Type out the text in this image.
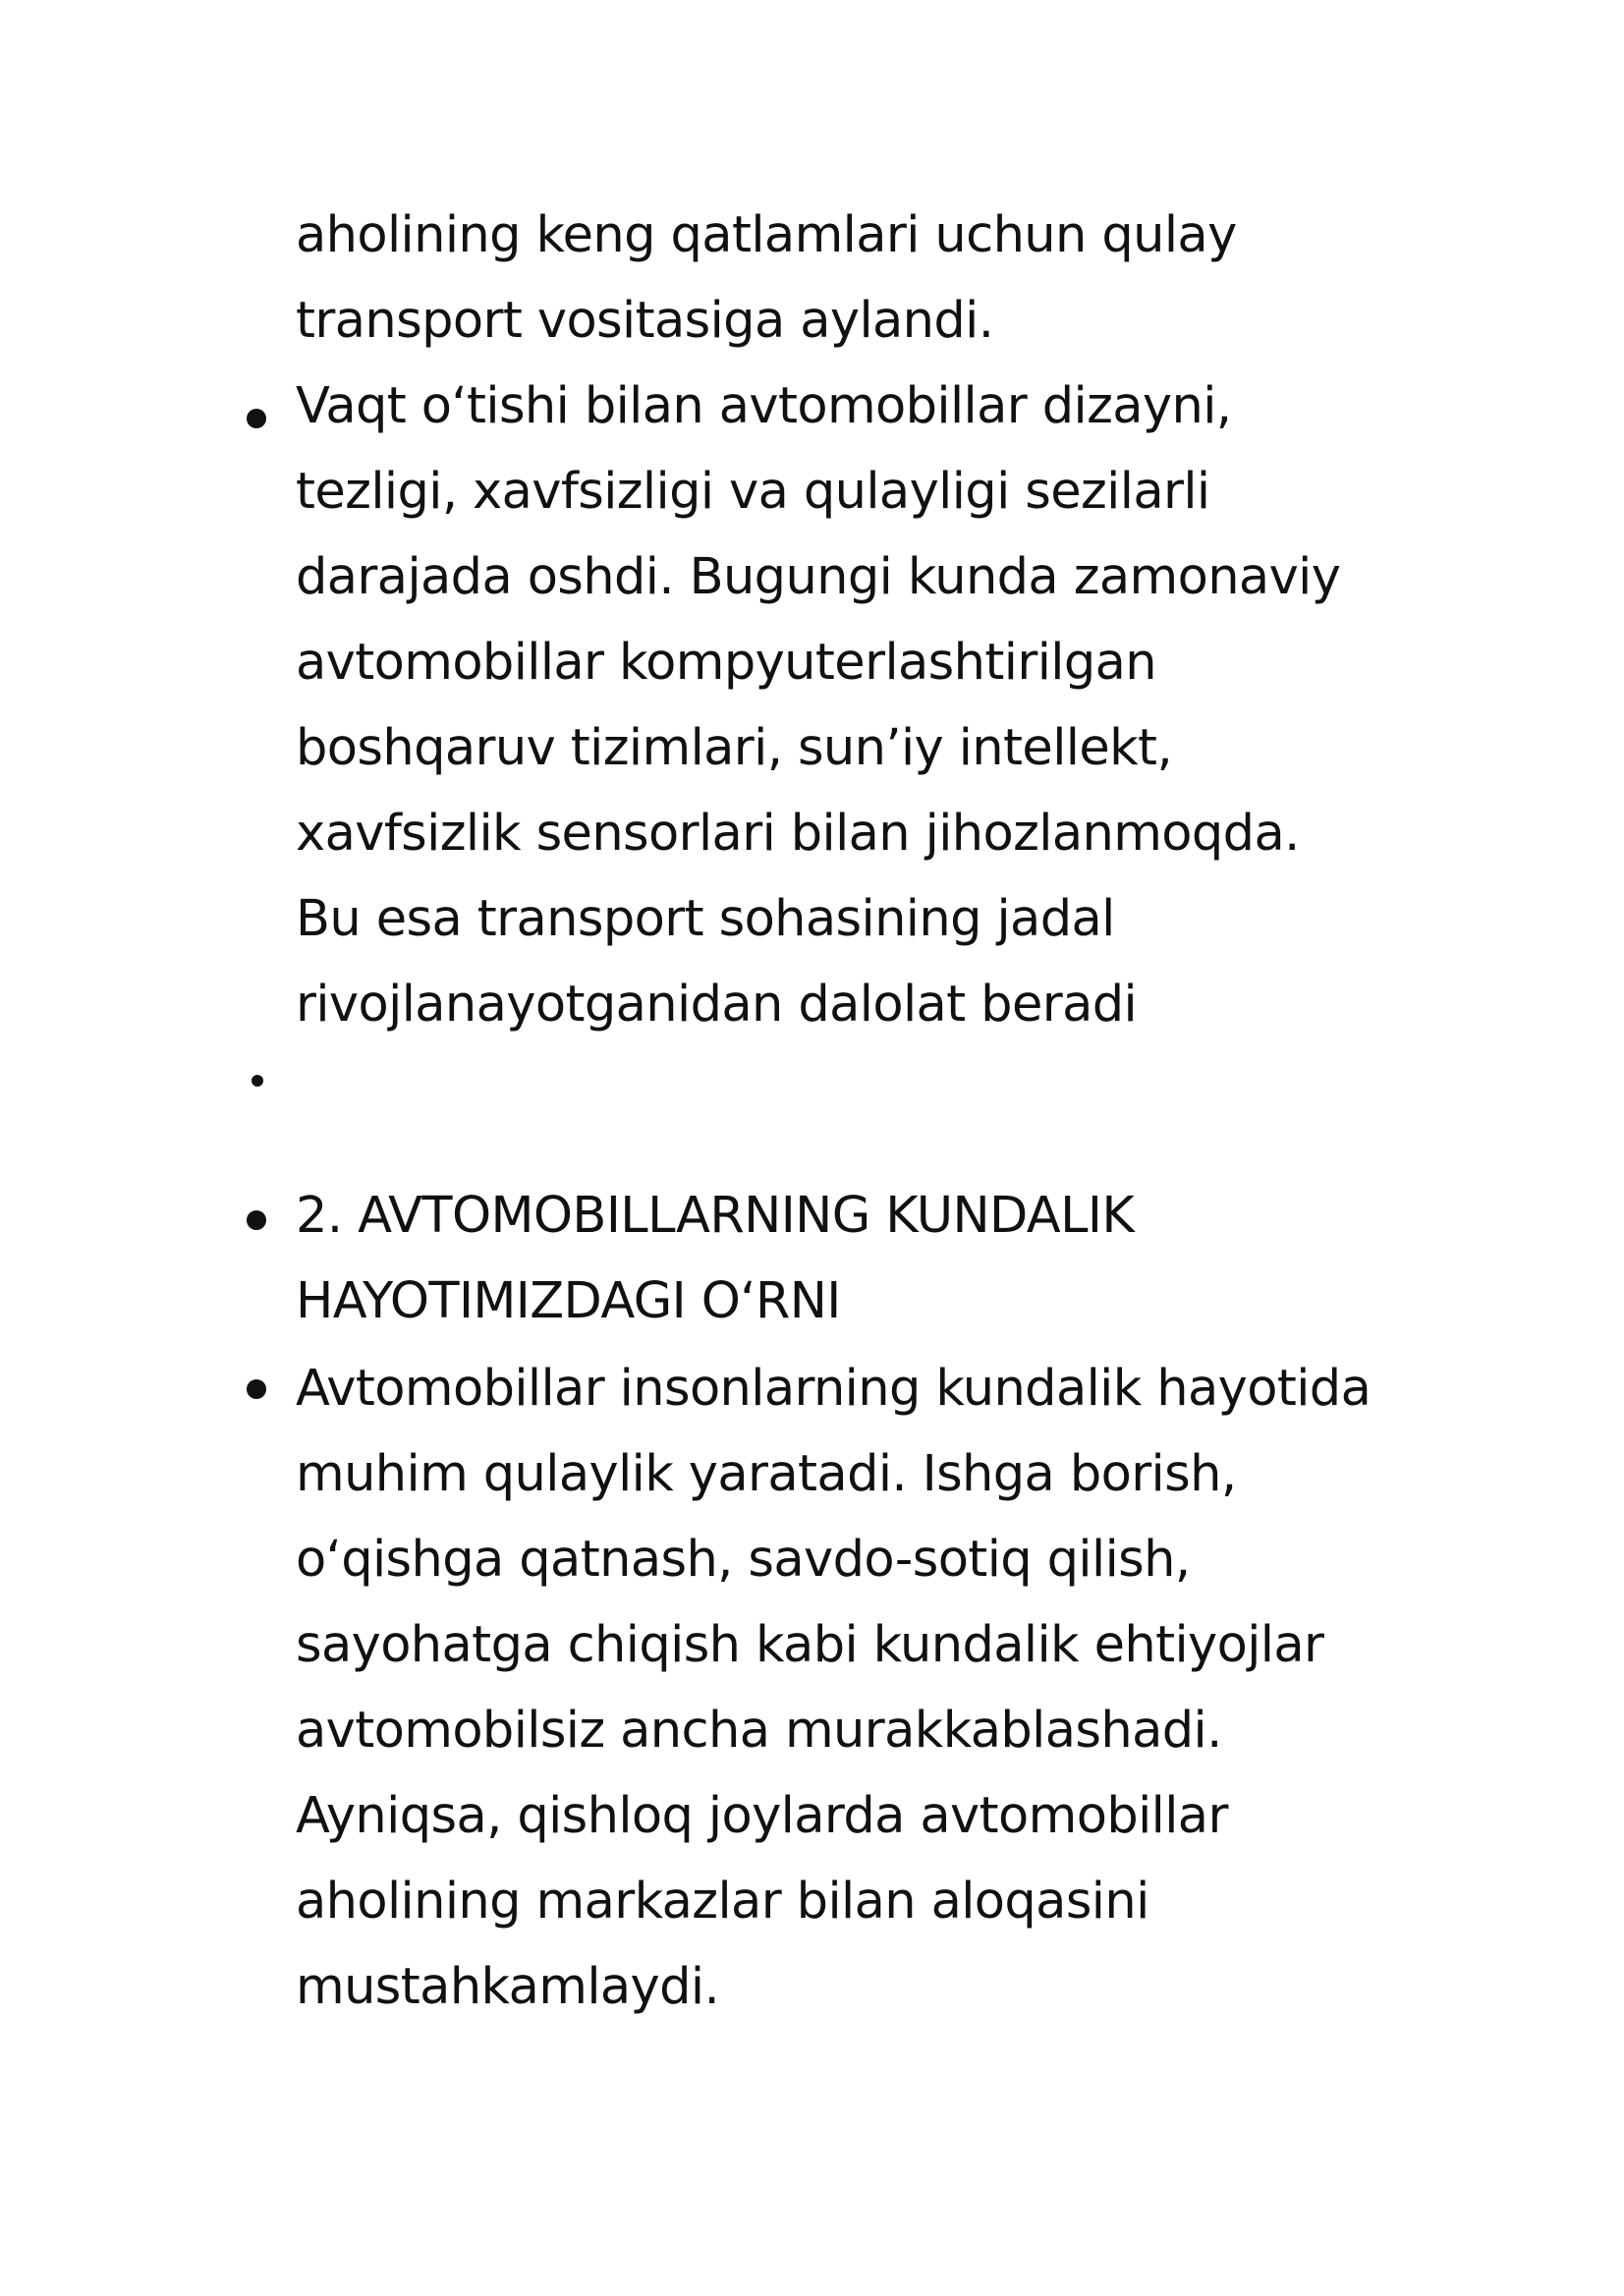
aholining keng qatlamlari uchun qulay
transport vositasiga aylandi.
Vaqt o‘tishi bilan avtomobillar dizayni,
tezligi, xavfsizligi va qulayligi sezilarli
darajada oshdi. Bugungi kunda zamonaviy
avtomobillar kompyuterlashtirilgan
boshqaruv tizimlari, sun’iy intellekt,
xavfsizlik sensorlari bilan jihozlanmoqda.
Bu esa transport sohasining jadal
rivojlanayotganidan dalolat beradi
2. AVTOMOBILLARNING KUNDALIK
HAYOTIMIZDAGI O‘RNI
Avtomobillar insonlarning kundalik hayotida
muhim qulaylik yaratadi. Ishga borish,
o‘qishga qatnash, savdo-sotiq qilish,
sayohatga chiqish kabi kundalik ehtiyojlar
avtomobilsiz ancha murakkablashadi.
Ayniqsa, qishloq joylarda avtomobillar
aholining markazlar bilan aloqasini
mustahkamlaydi.
